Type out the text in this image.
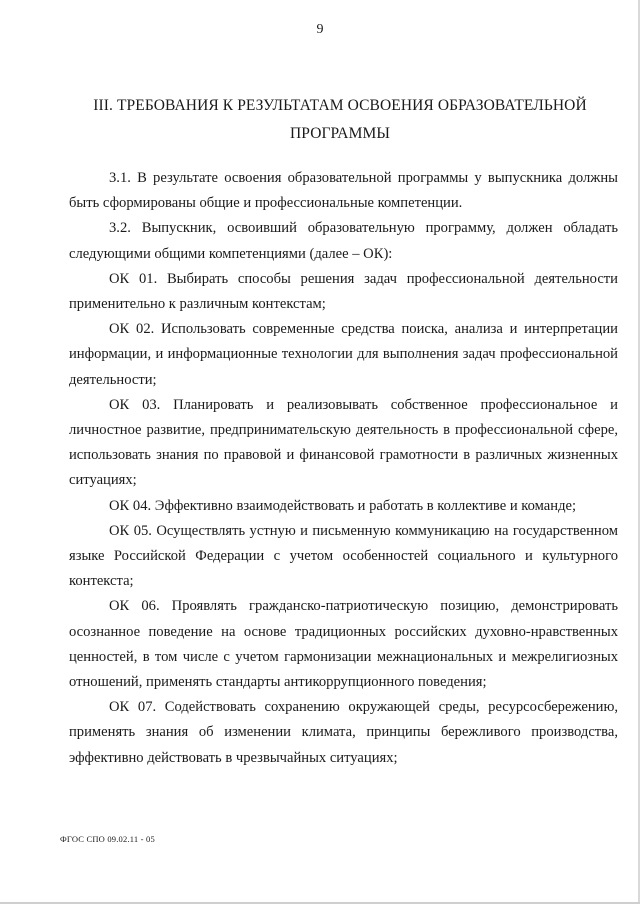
9
III. ТРЕБОВАНИЯ К РЕЗУЛЬТАТАМ ОСВОЕНИЯ ОБРАЗОВАТЕЛЬНОЙ
ПРОГРАММЫ

3.1. В результате освоения образовательной программы у выпускника должны быть сформированы общие и профессиональные компетенции.

3.2. Выпускник, освоивший образовательную программу, должен обладать следующими общими компетенциями (далее – ОК):

ОК 01. Выбирать способы решения задач профессиональной деятельности применительно к различным контекстам;

ОК 02. Использовать современные средства поиска, анализа и интерпретации информации, и информационные технологии для выполнения задач профессиональной деятельности;

ОК 03. Планировать и реализовывать собственное профессиональное и личностное развитие, предпринимательскую деятельность в профессиональной сфере, использовать знания по правовой и финансовой грамотности в различных жизненных ситуациях;

ОК 04. Эффективно взаимодействовать и работать в коллективе и команде;

ОК 05. Осуществлять устную и письменную коммуникацию на государственном языке Российской Федерации с учетом особенностей социального и культурного контекста;

ОК 06. Проявлять гражданско-патриотическую позицию, демонстрировать осознанное поведение на основе традиционных российских духовно-нравственных ценностей, в том числе с учетом гармонизации межнациональных и межрелигиозных отношений, применять стандарты антикоррупционного поведения;

ОК 07. Содействовать сохранению окружающей среды, ресурсосбережению, применять знания об изменении климата, принципы бережливого производства, эффективно действовать в чрезвычайных ситуациях;

ФГОС СПО 09.02.11 - 05
